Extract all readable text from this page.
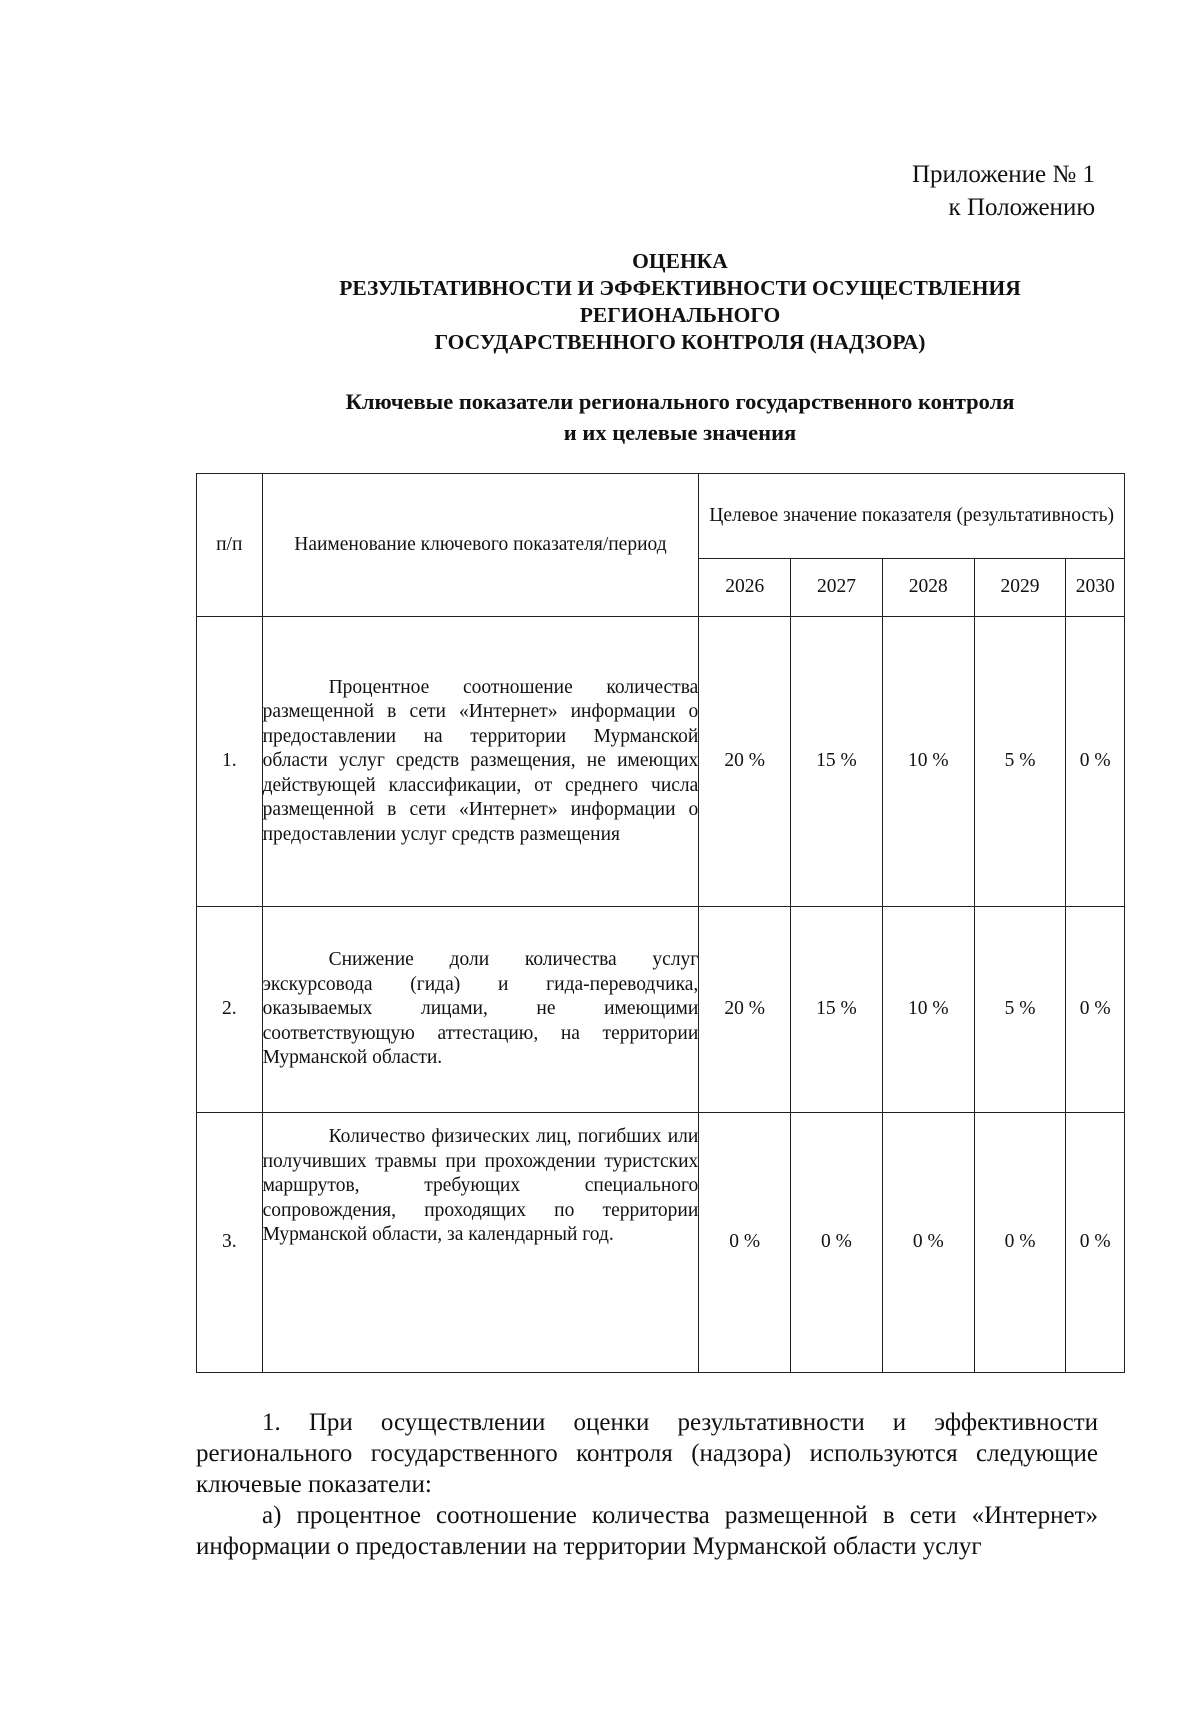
Приложение № 1
к Положению
ОЦЕНКА
РЕЗУЛЬТАТИВНОСТИ И ЭФФЕКТИВНОСТИ ОСУЩЕСТВЛЕНИЯ
РЕГИОНАЛЬНОГО
ГОСУДАРСТВЕННОГО КОНТРОЛЯ (НАДЗОРА)
Ключевые показатели регионального государственного контроля
и их целевые значения
п/п	Наименование ключевого показателя/период	Целевое значение показателя (результативность)				
		2026	2027	2028	2029	2030
1.	Процентное соотношение количества размещенной в сети «Интернет» информации о предоставлении на территории Мурманской области услуг средств размещения, не имеющих действующей классификации, от среднего числа размещенной в сети «Интернет» информации о предоставлении услуг средств размещения	20 %	15 %	10 %	5 %	0 %
2.	Снижение доли количества услуг экскурсовода (гида) и гида-переводчика, оказываемых лицами, не имеющими соответствующую аттестацию, на территории Мурманской области.	20 %	15 %	10 %	5 %	0 %
3.	Количество физических лиц, погибших или получивших травмы при прохождении туристских маршрутов, требующих специального сопровождения, проходящих по территории Мурманской области, за календарный год.	0 %	0 %	0 %	0 %	0 %

1. При осуществлении оценки результативности и эффективности регионального государственного контроля (надзора) используются следующие ключевые показатели:

а) процентное соотношение количества размещенной в сети «Интернет» информации о предоставлении на территории Мурманской области услуг
